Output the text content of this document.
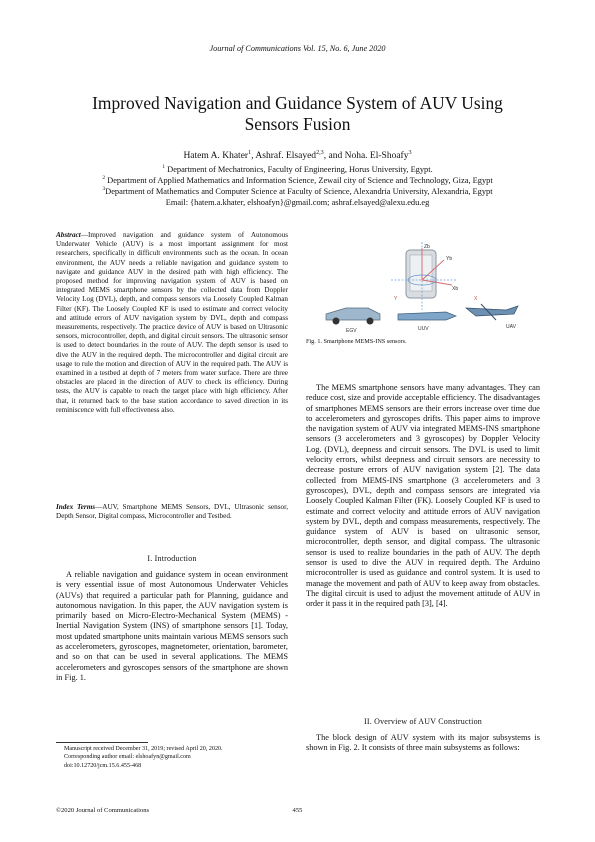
Journal of Communications Vol. 15, No. 6, June 2020
Improved Navigation and Guidance System of AUV Using
Sensors Fusion
Hatem A. Khater$^1$, Ashraf. Elsayed$^{2,3}$, and Noha. El-Shoafy$^3$
$^1$ Department of Mechatronics, Faculty of Engineering, Horus University, Egypt.
$^2$ Department of Applied Mathematics and Information Science, Zewail city of Science and Technology, Giza, Egypt
$^3$Department of Mathematics and Computer Science at Faculty of Science, Alexandria University, Alexandria, Egypt
Email: {hatem.a.khater, elshoafyn}@gmail.com; ashraf.elsayed@alexu.edu.eg
Abstract—Improved navigation and guidance system of Autonomous Underwater Vehicle (AUV) is a most important assignment for most researchers, specifically in difficult environments such as the ocean. In ocean environment, the AUV needs a reliable navigation and guidance system to navigate and guidance AUV in the desired path with high efficiency. The proposed method for improving navigation system of AUV is based on integrated MEMS smartphone sensors by the collected data from Doppler Velocity Log (DVL), depth, and compass sensors via Loosely Coupled Kalman Filter (KF). The Loosely Coupled KF is used to estimate and correct velocity and attitude errors of AUV navigation system by DVL, depth and compass measurements, respectively. The practice device of AUV is based on Ultrasonic sensors, microcontroller, depth, and digital circuit sensors. The ultrasonic sensor is used to detect boundaries in the route of AUV. The depth sensor is used to dive the AUV in the required depth. The microcontroller and digital circuit are usage to rule the motion and direction of AUV in the required path. The AUV is examined in a testbed at depth of 7 meters from water surface. There are three obstacles are placed in the direction of AUV to check its efficiency. During tests, the AUV is capable to reach the target place with high efficiency. After that, it returned back to the base station accordance to saved direction in its reminiscence with full effectiveness also.
Index Terms—AUV, Smartphone MEMS Sensors, DVL, Ultrasonic sensor, Depth Sensor, Digital compass, Microcontroller and Testbed.
I. Introduction
A reliable navigation and guidance system in ocean environment is very essential issue of most Autonomous Underwater Vehicles (AUVs) that required a particular path for Planning, guidance and autonomous navigation. In this paper, the AUV navigation system is primarily based on Micro-Electro-Mechanical System (MEMS) - Inertial Navigation System (INS) of smartphone sensors [1]. Today, most updated smartphone units maintain various MEMS sensors such as accelerometers, gyroscopes, magnetometer, orientation, barometer, and so on that can be used in several applications. The MEMS accelerometers and gyroscopes sensors of the smartphone are shown in Fig. 1.
Manuscript received December 31, 2019; revised April 20, 2020.
Corresponding author email: elshoafyn@gmail.com
doi:10.12720/jcm.15.6.455-468
Zb
Yb
Xb
EGV	UUV	UAV
X
Y
Fig. 1. Smartphone MEMS-INS sensors.
The MEMS smartphone sensors have many advantages. They can reduce cost, size and provide acceptable efficiency. The disadvantages of smartphones MEMS sensors are their errors increase over time due to accelerometers and gyroscopes drifts. This paper aims to improve the navigation system of AUV via integrated MEMS-INS smartphone sensors (3 accelerometers and 3 gyroscopes) by Doppler Velocity Log. (DVL), deepness and circuit sensors. The DVL is used to limit velocity errors, whilst deepness and circuit sensors are necessity to decrease posture errors of AUV navigation system [2]. The data collected from MEMS-INS smartphone (3 accelerometers and 3 gyroscopes), DVL, depth and compass sensors are integrated via Loosely Coupled Kalman Filter (FK). Loosely Coupled KF is used to estimate and correct velocity and attitude errors of AUV navigation system by DVL, depth and compass measurements, respectively. The guidance system of AUV is based on ultrasonic sensor, microcontroller, depth sensor, and digital compass. The ultrasonic sensor is used to realize boundaries in the path of AUV. The depth sensor is used to dive the AUV in required depth. The Arduino microcontroller is used as guidance and control system. It is used to manage the movement and path of AUV to keep away from obstacles. The digital circuit is used to adjust the movement attitude of AUV in order it pass it in the required path [3], [4].
II. Overview of AUV Construction
The block design of AUV system with its major subsystems is shown in Fig. 2. It consists of three main subsystems as follows:
©2020 Journal of Communications	455
